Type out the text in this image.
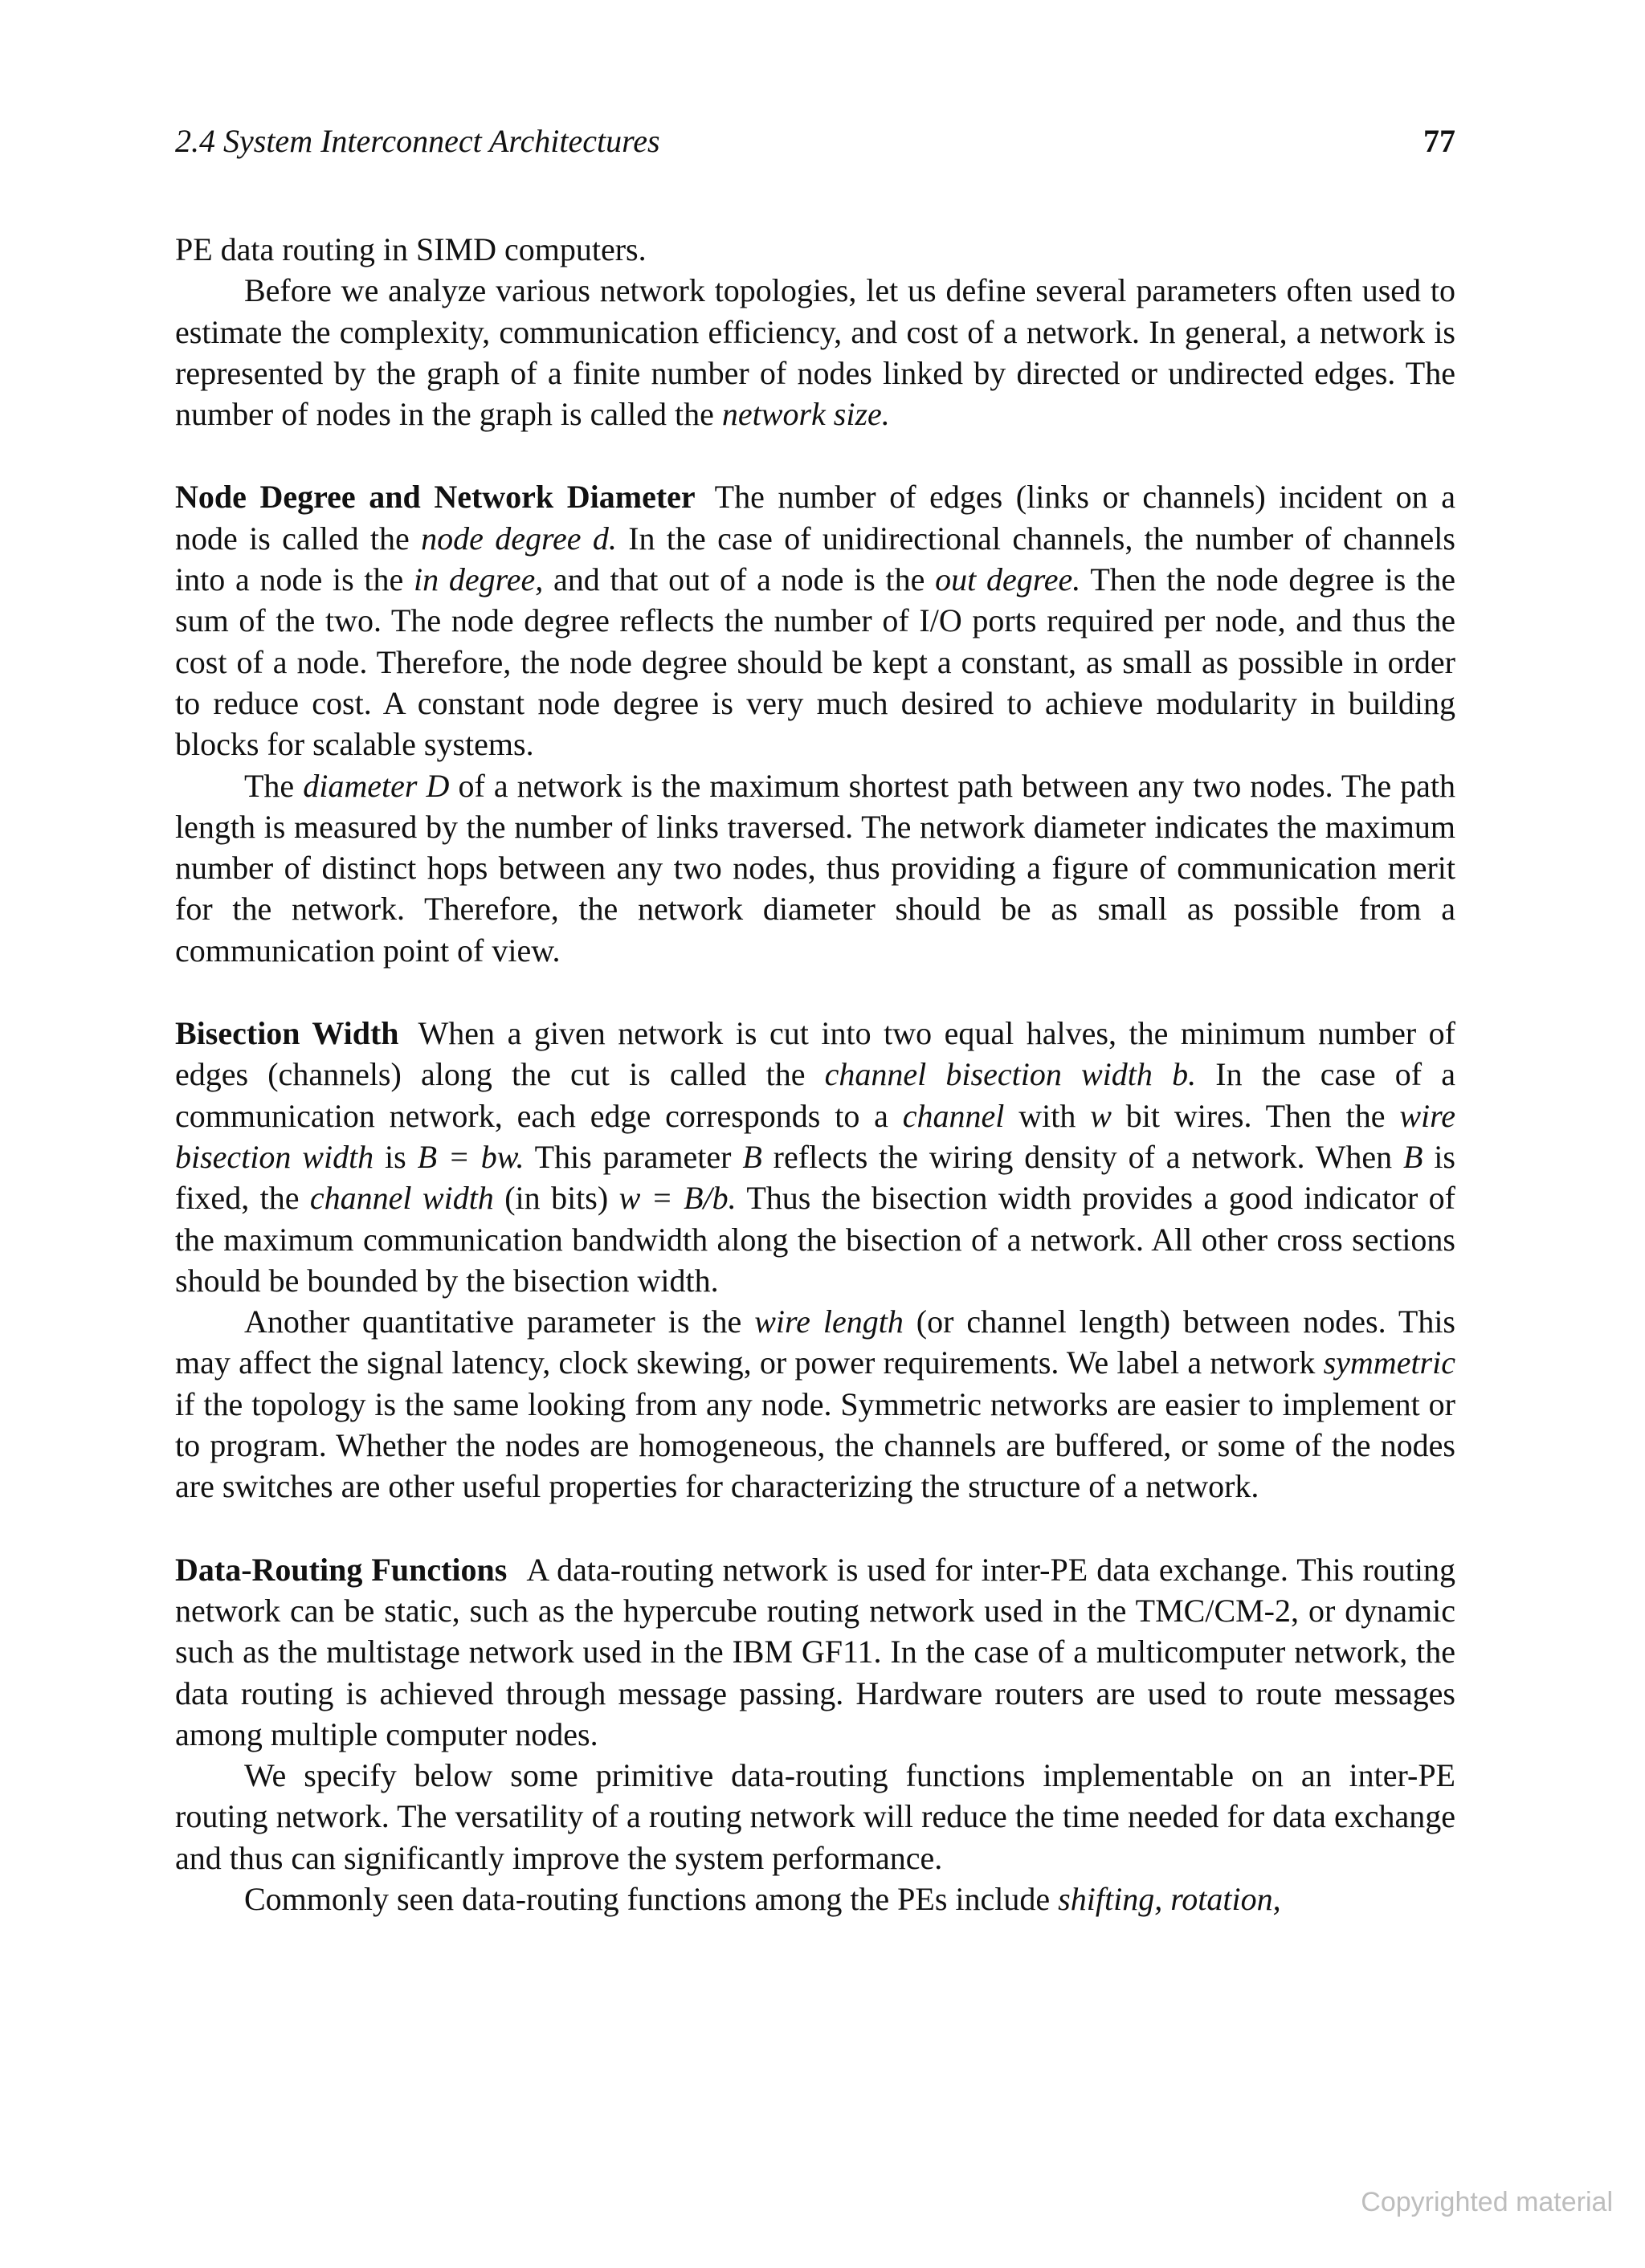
2.4 System Interconnect Architectures	77

PE data routing in SIMD computers.

Before we analyze various network topologies, let us define several parameters often used to estimate the complexity, communication efficiency, and cost of a network. In general, a network is represented by the graph of a finite number of nodes linked by directed or undirected edges. The number of nodes in the graph is called the network size.

Node Degree and Network Diameter The number of edges (links or channels) incident on a node is called the node degree d. In the case of unidirectional channels, the number of channels into a node is the in degree, and that out of a node is the out degree. Then the node degree is the sum of the two. The node degree reflects the number of I/O ports required per node, and thus the cost of a node. Therefore, the node degree should be kept a constant, as small as possible in order to reduce cost. A constant node degree is very much desired to achieve modularity in building blocks for scalable systems.

The diameter D of a network is the maximum shortest path between any two nodes. The path length is measured by the number of links traversed. The network diameter indicates the maximum number of distinct hops between any two nodes, thus providing a figure of communication merit for the network. Therefore, the network diameter should be as small as possible from a communication point of view.

Bisection Width When a given network is cut into two equal halves, the minimum number of edges (channels) along the cut is called the channel bisection width b. In the case of a communication network, each edge corresponds to a channel with w bit wires. Then the wire bisection width is B = bw. This parameter B reflects the wiring density of a network. When B is fixed, the channel width (in bits) w = B/b. Thus the bisection width provides a good indicator of the maximum communication bandwidth along the bisection of a network. All other cross sections should be bounded by the bisection width.

Another quantitative parameter is the wire length (or channel length) between nodes. This may affect the signal latency, clock skewing, or power requirements. We label a network symmetric if the topology is the same looking from any node. Symmetric networks are easier to implement or to program. Whether the nodes are homogeneous, the channels are buffered, or some of the nodes are switches are other useful properties for characterizing the structure of a network.

Data-Routing Functions A data-routing network is used for inter-PE data exchange. This routing network can be static, such as the hypercube routing network used in the TMC/CM-2, or dynamic such as the multistage network used in the IBM GF11. In the case of a multicomputer network, the data routing is achieved through message passing. Hardware routers are used to route messages among multiple computer nodes.

We specify below some primitive data-routing functions implementable on an inter-PE routing network. The versatility of a routing network will reduce the time needed for data exchange and thus can significantly improve the system performance.

Commonly seen data-routing functions among the PEs include shifting, rotation,

Copyrighted material
